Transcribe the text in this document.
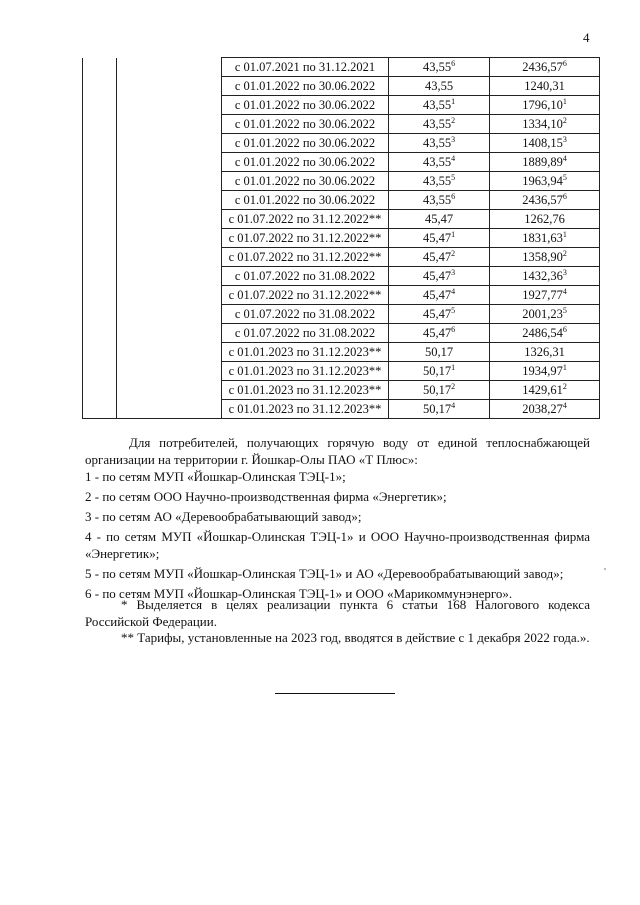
4
		с 01.07.2021 по 31.12.2021	43,55$^6$	2436,57$^6$
		с 01.01.2022 по 30.06.2022	43,55	1240,31
		с 01.01.2022 по 30.06.2022	43,55$^1$	1796,10$^1$
		с 01.01.2022 по 30.06.2022	43,55$^2$	1334,10$^2$
		с 01.01.2022 по 30.06.2022	43,55$^3$	1408,15$^3$
		с 01.01.2022 по 30.06.2022	43,55$^4$	1889,89$^4$
		с 01.01.2022 по 30.06.2022	43,55$^5$	1963,94$^5$
		с 01.01.2022 по 30.06.2022	43,55$^6$	2436,57$^6$
		с 01.07.2022 по 31.12.2022**	45,47	1262,76
		с 01.07.2022 по 31.12.2022**	45,47$^1$	1831,63$^1$
		с 01.07.2022 по 31.12.2022**	45,47$^2$	1358,90$^2$
		с 01.07.2022 по 31.08.2022	45,47$^3$	1432,36$^3$
		с 01.07.2022 по 31.12.2022**	45,47$^4$	1927,77$^4$
		с 01.07.2022 по 31.08.2022	45,47$^5$	2001,23$^5$
		с 01.07.2022 по 31.08.2022	45,47$^6$	2486,54$^6$
		с 01.01.2023 по 31.12.2023**	50,17	1326,31
		с 01.01.2023 по 31.12.2023**	50,17$^1$	1934,97$^1$
		с 01.01.2023 по 31.12.2023**	50,17$^2$	1429,61$^2$
		с 01.01.2023 по 31.12.2023**	50,17$^4$	2038,27$^4$
Для потребителей, получающих горячую воду от единой теплоснабжающей организации на территории г. Йошкар-Олы ПАО «Т Плюс»:
1 - по сетям МУП «Йошкар-Олинская ТЭЦ-1»;
2 - по сетям ООО Научно-производственная фирма «Энергетик»;
3 - по сетям АО «Деревообрабатывающий завод»;
4 - по сетям МУП «Йошкар-Олинская ТЭЦ-1» и ООО Научно-производственная фирма «Энергетик»;
5 - по сетям МУП «Йошкар-Олинская ТЭЦ-1» и АО «Деревообрабатывающий завод»;
6 - по сетям МУП «Йошкар-Олинская ТЭЦ-1» и ООО «Марикоммунэнерго».
* Выделяется в целях реализации пункта 6 статьи 168 Налогового кодекса Российской Федерации.
** Тарифы, установленные на 2023 год, вводятся в действие с 1 декабря 2022 года.».
